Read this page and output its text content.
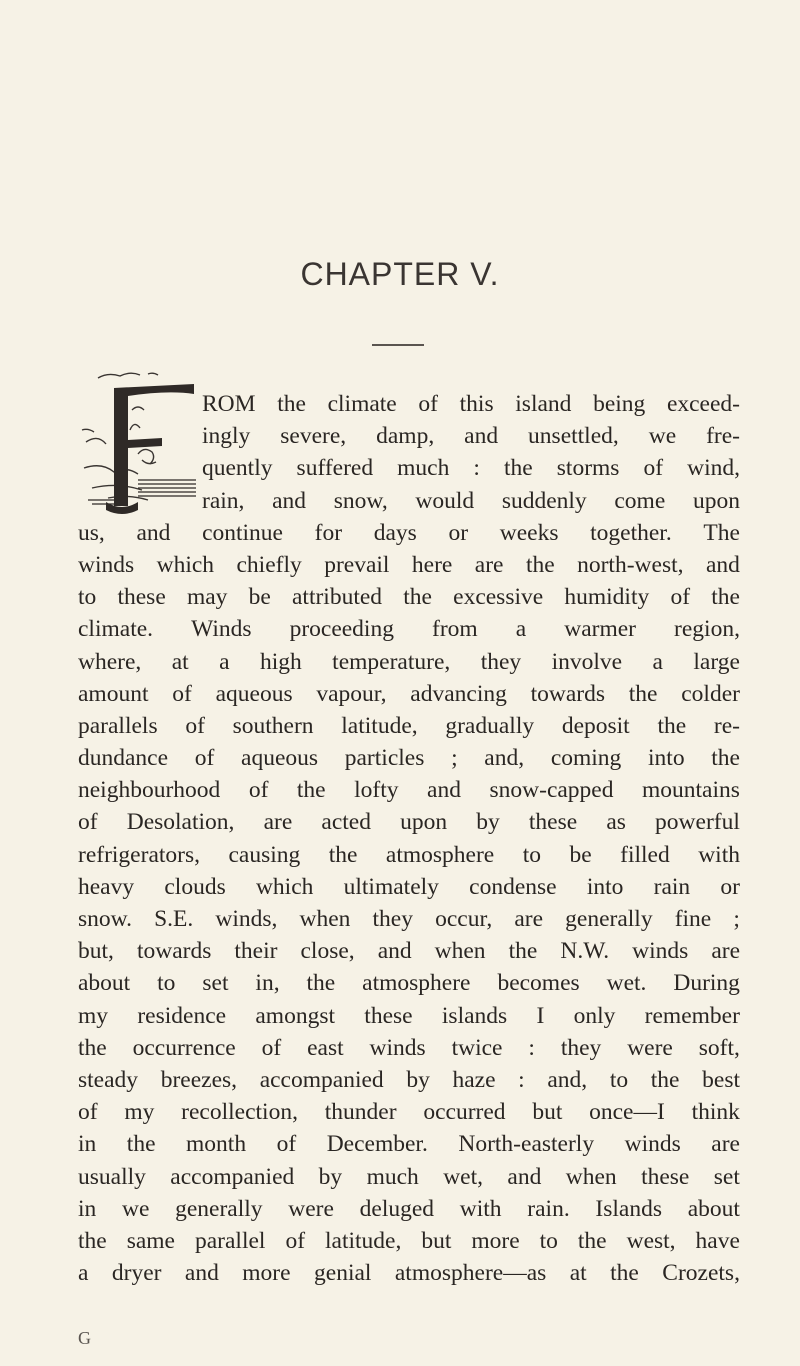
CHAPTER V.
ROM the climate of this island being exceed-
ingly severe, damp, and unsettled, we fre-
quently suffered much : the storms of wind,
rain, and snow, would suddenly come upon
us, and continue for days or weeks together. The
winds which chiefly prevail here are the north-west, and
to these may be attributed the excessive humidity of the
climate. Winds proceeding from a warmer region,
where, at a high temperature, they involve a large
amount of aqueous vapour, advancing towards the colder
parallels of southern latitude, gradually deposit the re-
dundance of aqueous particles ; and, coming into the
neighbourhood of the lofty and snow-capped mountains
of Desolation, are acted upon by these as powerful
refrigerators, causing the atmosphere to be filled with
heavy clouds which ultimately condense into rain or
snow. S.E. winds, when they occur, are generally fine ;
but, towards their close, and when the N.W. winds are
about to set in, the atmosphere becomes wet. During
my residence amongst these islands I only remember
the occurrence of east winds twice : they were soft,
steady breezes, accompanied by haze : and, to the best
of my recollection, thunder occurred but once—I think
in the month of December. North-easterly winds are
usually accompanied by much wet, and when these set
in we generally were deluged with rain. Islands about
the same parallel of latitude, but more to the west, have
a dryer and more genial atmosphere—as at the Crozets,
G
